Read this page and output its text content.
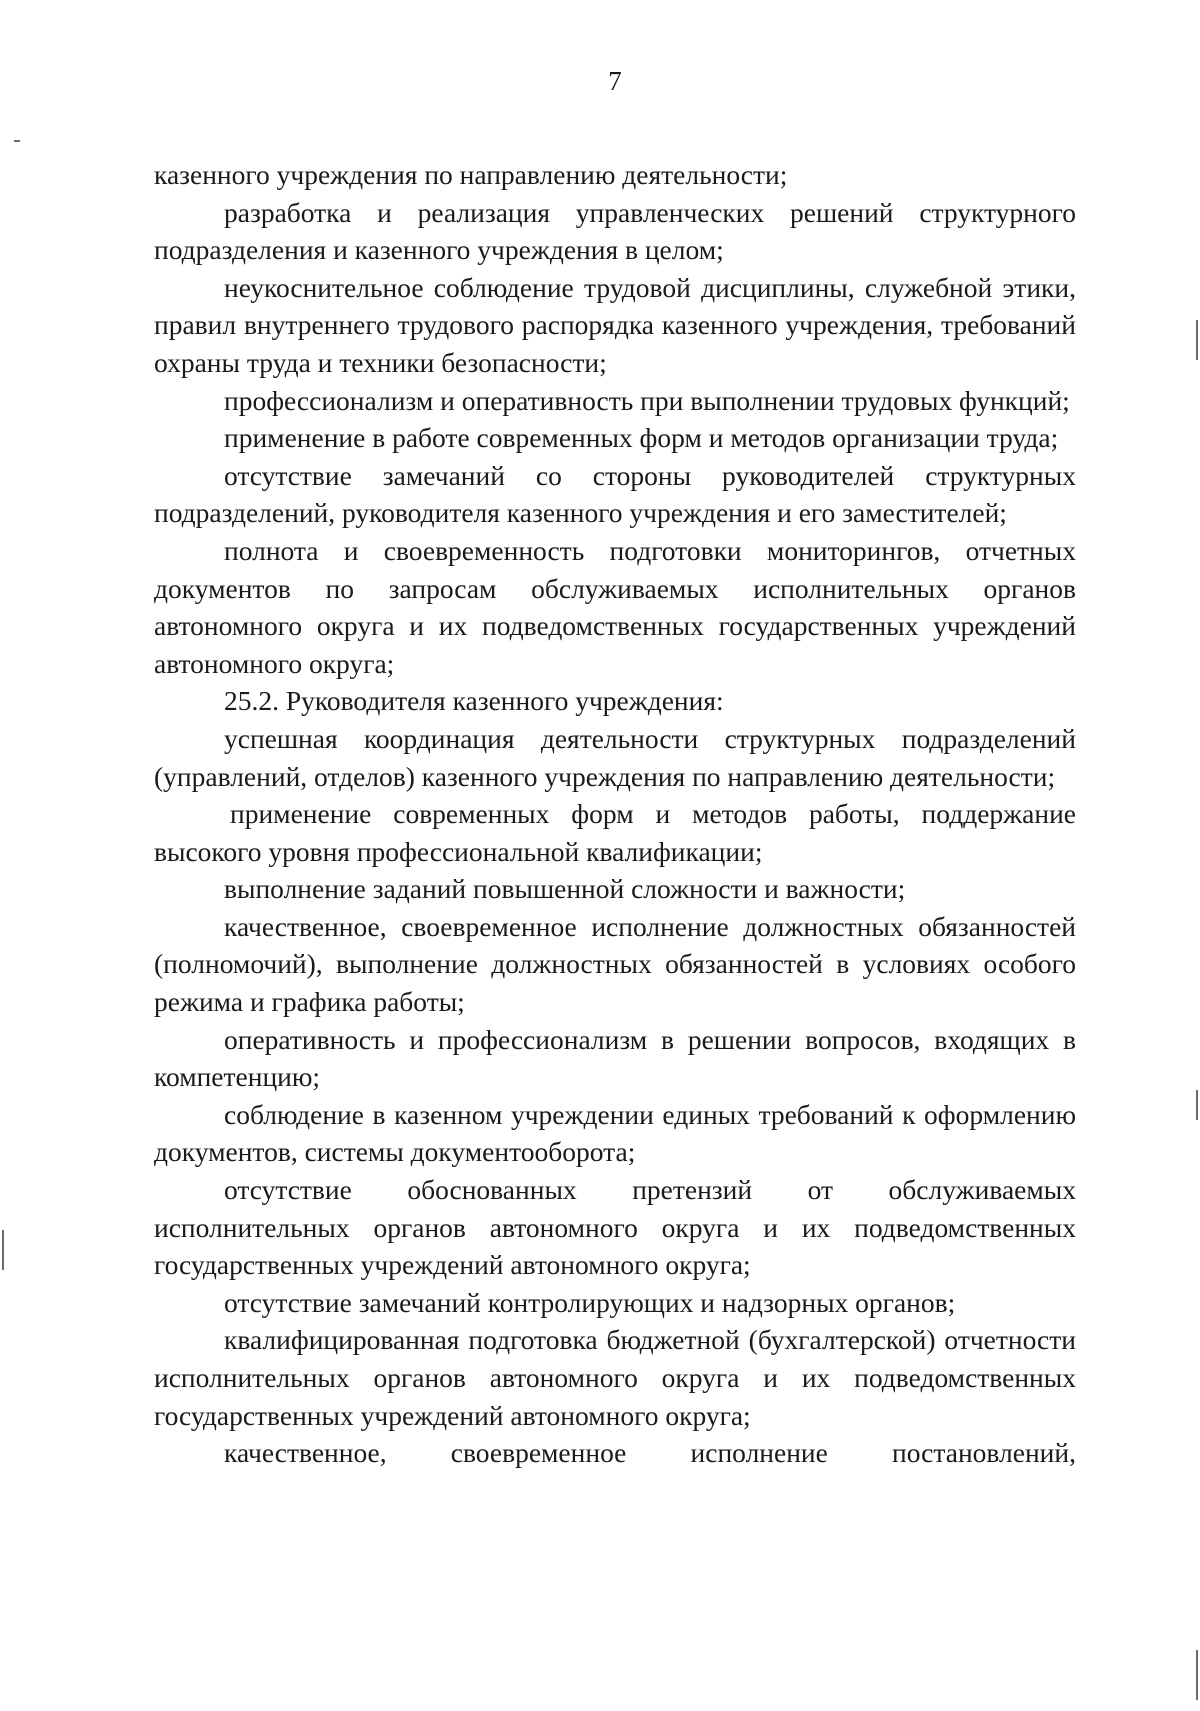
7

казенного учреждения по направлению деятельности;

разработка и реализация управленческих решений структурного подразделения и казенного учреждения в целом;

неукоснительное соблюдение трудовой дисциплины, служебной этики, правил внутреннего трудового распорядка казенного учреждения, требований охраны труда и техники безопасности;

профессионализм и оперативность при выполнении трудовых функций;

применение в работе современных форм и методов организации труда;

отсутствие замечаний со стороны руководителей структурных подразделений, руководителя казенного учреждения и его заместителей;

полнота и своевременность подготовки мониторингов, отчетных документов по запросам обслуживаемых исполнительных органов автономного округа и их подведомственных государственных учреждений автономного округа;

25.2. Руководителя казенного учреждения:

успешная координация деятельности структурных подразделений (управлений, отделов) казенного учреждения по направлению деятельности;

применение современных форм и методов работы, поддержание высокого уровня профессиональной квалификации;

выполнение заданий повышенной сложности и важности;

качественное, своевременное исполнение должностных обязанностей (полномочий), выполнение должностных обязанностей в условиях особого режима и графика работы;

оперативность и профессионализм в решении вопросов, входящих в компетенцию;

соблюдение в казенном учреждении единых требований к оформлению документов, системы документооборота;

отсутствие обоснованных претензий от обслуживаемых исполнительных органов автономного округа и их подведомственных государственных учреждений автономного округа;

отсутствие замечаний контролирующих и надзорных органов;

квалифицированная подготовка бюджетной (бухгалтерской) отчетности исполнительных органов автономного округа и их подведомственных государственных учреждений автономного округа;

качественное, своевременное исполнение постановлений,
